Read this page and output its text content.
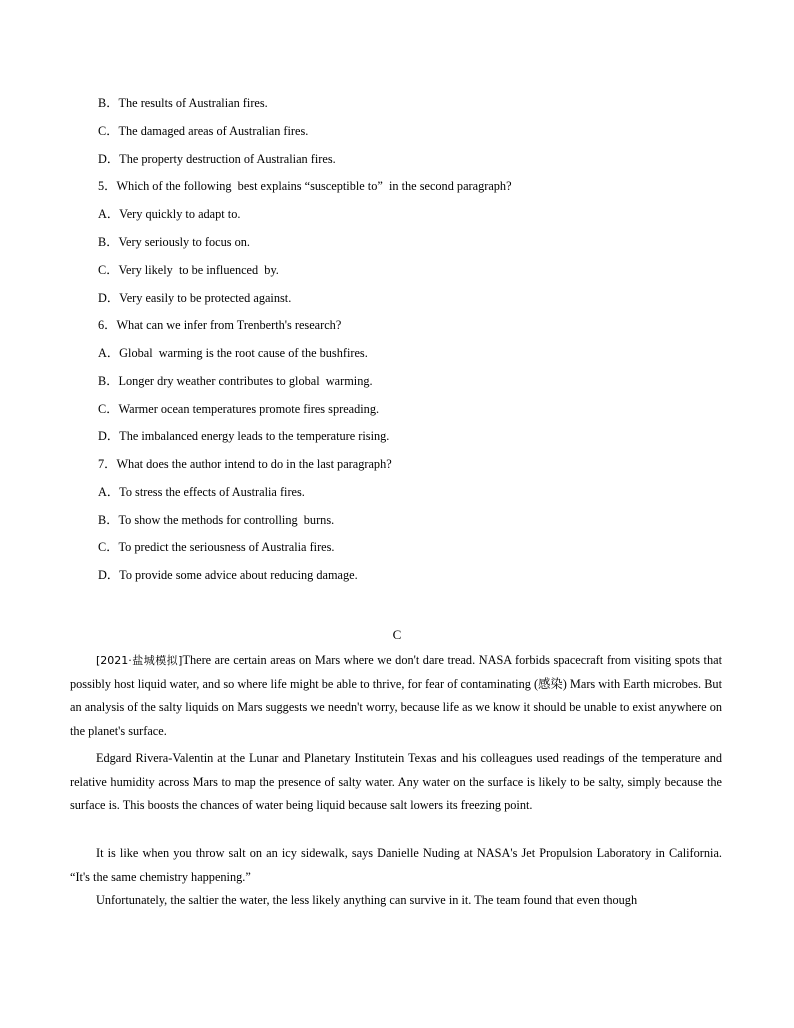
B．The results of Australian fires.
C．The damaged areas of Australian fires.
D．The property destruction of Australian fires.
5．Which of the following  best explains “susceptible to”  in the second paragraph?
A．Very quickly to adapt to.
B．Very seriously to focus on.
C．Very likely  to be influenced  by.
D．Very easily to be protected against.
6．What can we infer from Trenberth's research?
A．Global  warming is the root cause of the bushfires.
B．Longer dry weather contributes to global  warming.
C．Warmer ocean temperatures promote fires spreading.
D．The imbalanced energy leads to the temperature rising.
7．What does the author intend to do in the last paragraph?
A．To stress the effects of Australia fires.
B．To show the methods for controlling  burns.
C．To predict the seriousness of Australia fires.
D．To provide some advice about reducing damage.
C
[2021·盐城模拟]There are certain areas on Mars where we don't dare tread. NASA forbids spacecraft from visiting spots that possibly host liquid water, and so where life might be able to thrive, for fear of contaminating (感染) Mars with Earth microbes. But an analysis of the salty liquids on Mars suggests we needn't worry, because life as we know it should be unable to exist anywhere on the planet's surface.
Edgard Rivera-Valentin at the Lunar and Planetary Institutein Texas and his colleagues used readings of the temperature and relative humidity across Mars to map the presence of salty water. Any water on the surface is likely to be salty, simply because the surface is. This boosts the chances of water being liquid because salt lowers its freezing point.
It is like when you throw salt on an icy sidewalk, says Danielle Nuding at NASA's Jet Propulsion Laboratory in California. “It's the same chemistry happening.”
Unfortunately, the saltier the water, the less likely anything can survive in it. The team found that even though
